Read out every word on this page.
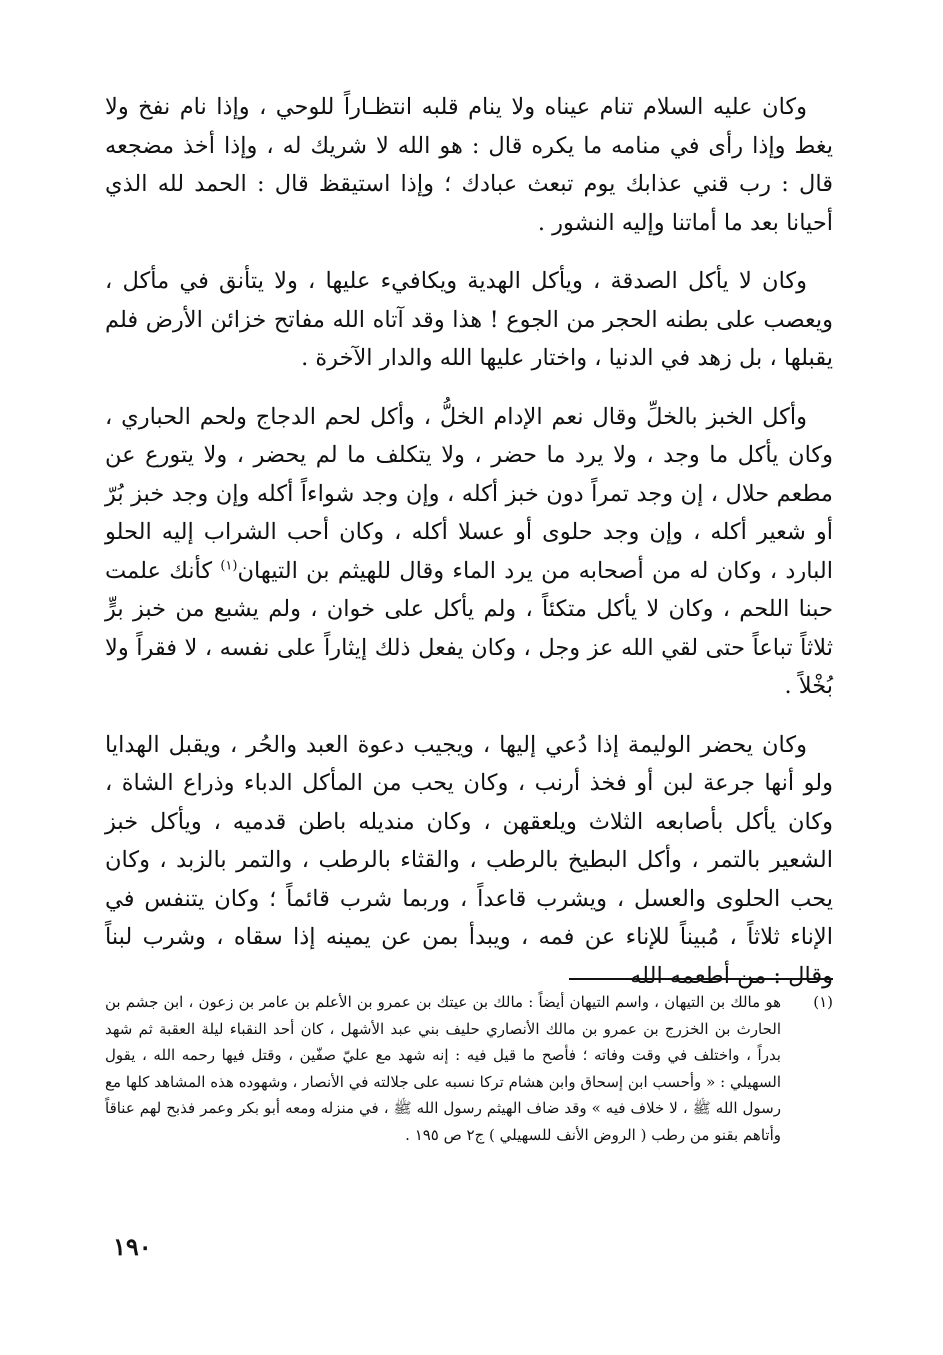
وكان عليه السلام تنام عيناه ولا ينام قلبه انتظـاراً للوحي ، وإذا نام نفخ ولا يغط وإذا رأى في منامه ما يكره قال : هو الله لا شريك له ، وإذا أخذ مضجعه قال : رب قني عذابك يوم تبعث عبادك ؛ وإذا استيقظ قال : الحمد لله الذي أحيانا بعد ما أماتنا وإليه النشور .

وكان لا يأكل الصدقة ، ويأكل الهدية ويكافيء عليها ، ولا يتأنق في مأكل ، ويعصب على بطنه الحجر من الجوع ! هذا وقد آتاه الله مفاتح خزائن الأرض فلم يقبلها ، بل زهد في الدنيا ، واختار عليها الله والدار الآخرة .

وأكل الخبز بالخلِّ وقال نعم الإدام الخلُّ ، وأكل لحم الدجاج ولحم الحباري ، وكان يأكل ما وجد ، ولا يرد ما حضر ، ولا يتكلف ما لم يحضر ، ولا يتورع عن مطعم حلال ، إن وجد تمراً دون خبز أكله ، وإن وجد شواءاً أكله وإن وجد خبز بُرّ أو شعير أكله ، وإن وجد حلوى أو عسلا أكله ، وكان أحب الشراب إليه الحلو البارد ، وكان له من أصحابه من يرد الماء وقال للهيثم بن التيهان$^{(١)}$ كأنك علمت حبنا اللحم ، وكان لا يأكل متكئاً ، ولم يأكل على خوان ، ولم يشبع من خبز برٍّ ثلاثاً تباعاً حتى لقي الله عز وجل ، وكان يفعل ذلك إيثاراً على نفسه ، لا فقراً ولا بُخْلاً .

وكان يحضر الوليمة إذا دُعي إليها ، ويجيب دعوة العبد والحُر ، ويقبل الهدايا ولو أنها جرعة لبن أو فخذ أرنب ، وكان يحب من المأكل الدباء وذراع الشاة ، وكان يأكل بأصابعه الثلاث ويلعقهن ، وكان منديله باطن قدميه ، ويأكل خبز الشعير بالتمر ، وأكل البطيخ بالرطب ، والقثاء بالرطب ، والتمر بالزبد ، وكان يحب الحلوى والعسل ، ويشرب قاعداً ، وربما شرب قائماً ؛ وكان يتنفس في الإناء ثلاثاً ، مُبيناً للإناء عن فمه ، ويبدأ بمن عن يمينه إذا سقاه ، وشرب لبناً وقال : من أطعمه الله

(١)
هو مالك بن التيهان ، واسم التيهان أيضاً : مالك بن عيتك بن عمرو بن الأعلم بن عامر بن زعون ، ابن جشم بن الحارث بن الخزرج بن عمرو بن مالك الأنصاري حليف بني عبد الأشهل ، كان أحد النقباء ليلة العقبة ثم شهد بدراً ، واختلف في وقت وفاته ؛ فأصح ما قيل فيه : إنه شهد مع عليّ صفّين ، وقتل فيها رحمه الله ، يقول السهيلي : « وأحسب ابن إسحاق وابن هشام تركا نسبه على جلالته في الأنصار ، وشهوده هذه المشاهد كلها مع رسول الله ﷺ ، لا خلاف فيه » وقد ضاف الهيثم رسول الله ﷺ ، في منزله ومعه أبو بكر وعمر فذبح لهم عناقاً وأتاهم بقنو من رطب ( الروض الأنف للسهيلي ) ج٢ ص ١٩٥ .
١٩٠
